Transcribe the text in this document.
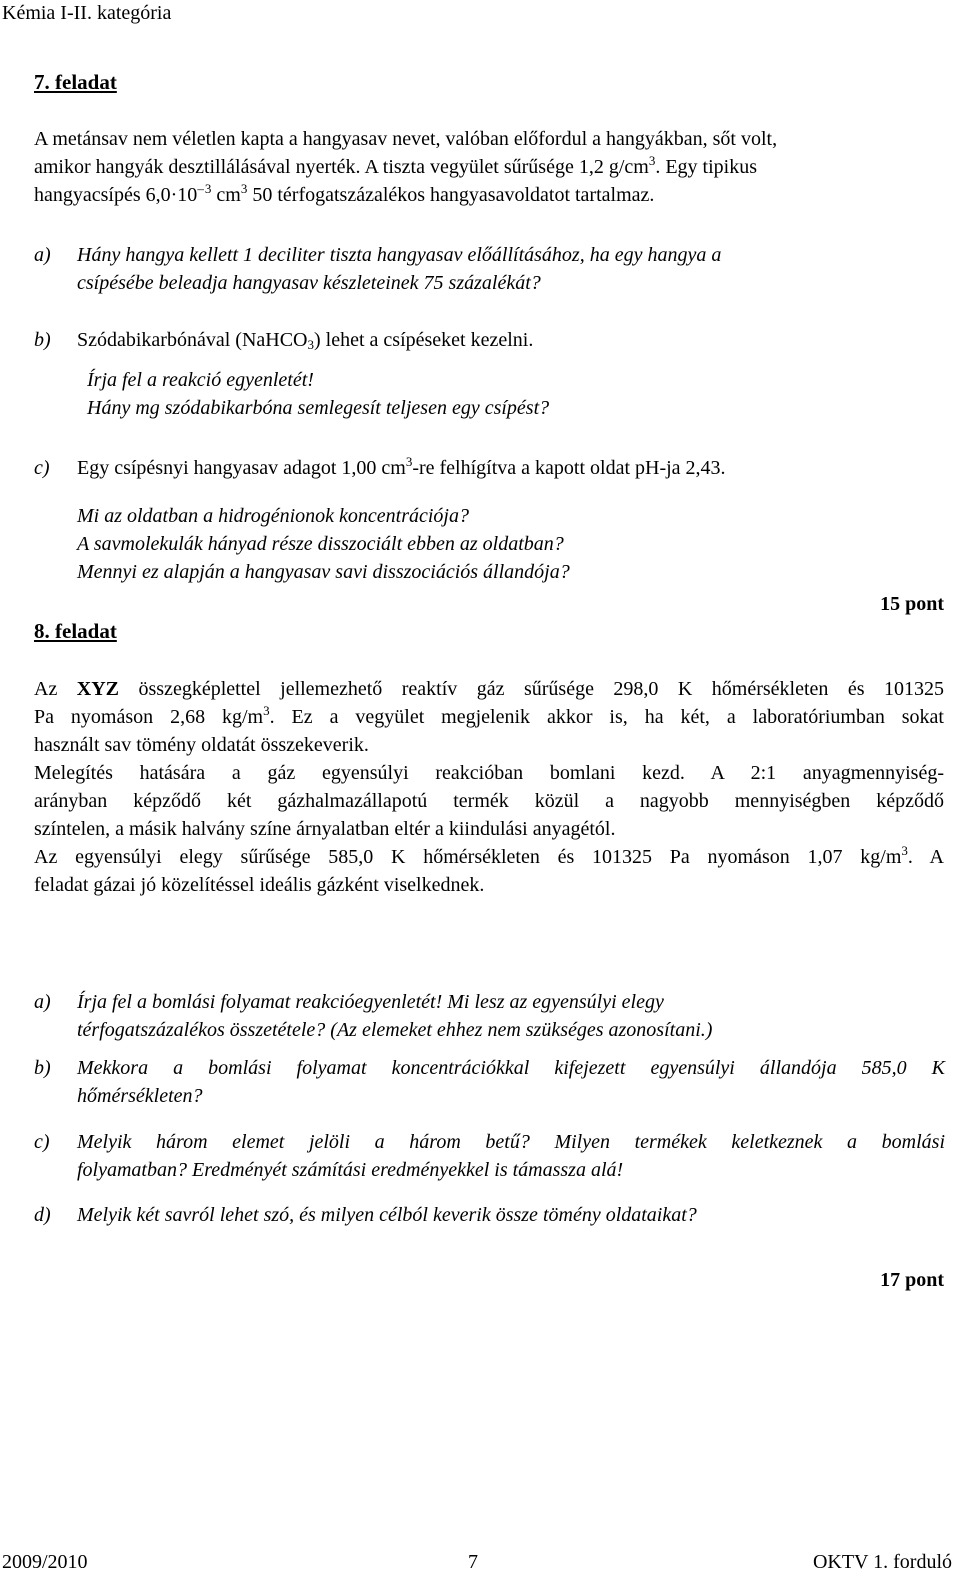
Kémia I-II. kategória
7. feladat
A metánsav nem véletlen kapta a hangyasav nevet, valóban előfordul a hangyákban, sőt volt,
amikor hangyák desztillálásával nyerték. A tiszta vegyület sűrűsége 1,2 $g/cm^3$. Egy tipikus
hangyacsípés $6,0\cdot 10^{- 3}$ $cm^3$ 50 térfogatszázalékos hangyasavoldatot tartalmaz.
a) Hány hangya kellett 1 deciliter tiszta hangyasav előállításához, ha egy hangya a
csípésébe beleadja hangyasav készleteinek 75 százalékát?
b) Szódabikarbónával (NaHCO$_3$) lehet a csípéseket kezelni.
Írja fel a reakció egyenletét!
Hány mg szódabikarbóna semlegesít teljesen egy csípést?
c) Egy csípésnyi hangyasav adagot 1,00 $cm^3-re$ felhígítva a kapott oldat pH-ja 2,43.
Mi az oldatban a hidrogénionok koncentrációja?
A savmolekulák hányad része disszociált ebben az oldatban?
Mennyi ez alapján a hangyasav savi disszociációs állandója?
15 pont
8. feladat
Az XYZ összegképlettel jellemezhető reaktív gáz sűrűsége 298,0 K hőmérsékleten és 101325
Pa nyomáson 2,68 $kg/m^3$. Ez a vegyület megjelenik akkor is, ha két, a laboratóriumban sokat
használt sav tömény oldatát összekeverik.
Melegítés hatására a gáz egyensúlyi reakcióban bomlani kezd. A 2:1 anyagmennyiség-
arányban képződő két gázhalmazállapotú termék közül a nagyobb mennyiségben képződő
színtelen, a másik halvány színe árnyalatban eltér a kiindulási anyagétól.
Az egyensúlyi elegy sűrűsége 585,0 K hőmérsékleten és 101325 Pa nyomáson 1,07 $kg/m^3$. A
feladat gázai jó közelítéssel ideális gázként viselkednek.
a) Írja fel a bomlási folyamat reakcióegyenletét! Mi lesz az egyensúlyi elegy
térfogatszázalékos összetétele? (Az elemeket ehhez nem szükséges azonosítani.)
b) Mekkora a bomlási folyamat koncentrációkkal kifejezett egyensúlyi állandója 585,0 K
hőmérsékleten?
c) Melyik három elemet jelöli a három betű? Milyen termékek keletkeznek a bomlási
folyamatban? Eredményét számítási eredményekkel is támassza alá!
d) Melyik két savról lehet szó, és milyen célból keverik össze tömény oldataikat?
17 pont
2009/2010	7	OKTV 1. forduló
